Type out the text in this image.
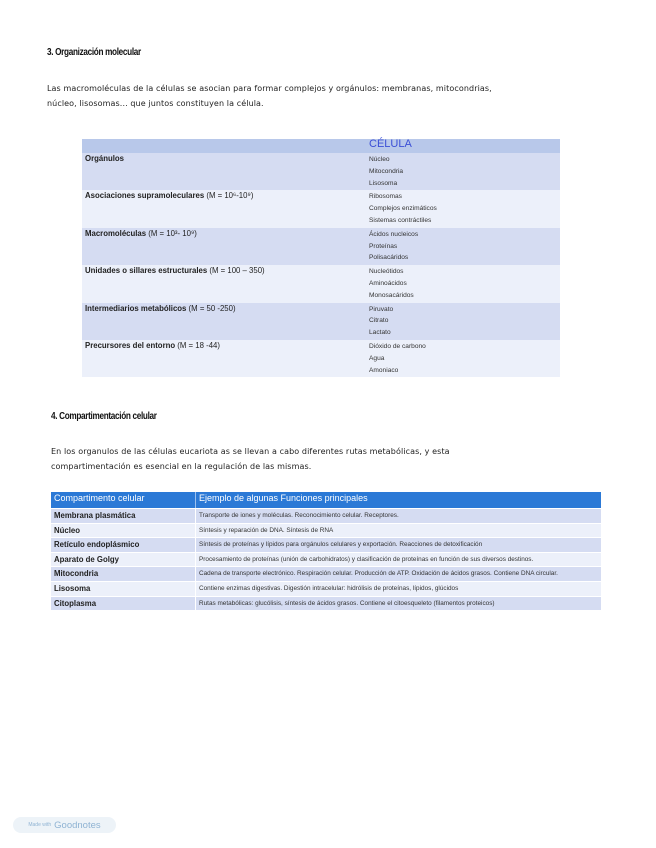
3. Organización molecular

Las macromoléculas de la células se asocian para formar complejos y orgánulos: membranas, mitocondrias,

núcleo, lisosomas... que juntos constituyen la célula.

	CÉLULA
Orgánulos	Núcleo
Mitocondria
Lisosoma

Asociaciones supramoleculares (M = 10⁶-10⁹)	Ribosomas
Complejos enzimáticos
Sistemas contráctiles

Macromoléculas (M = 10³- 10⁹)	Ácidos nucleicos
Proteínas
Polisacáridos

Unidades o sillares estructurales (M = 100 – 350)	Nucleótidos
Aminoácidos
Monosacáridos

Intermediarios metabólicos (M = 50 -250)	Piruvato
Citrato
Lactato

Precursores del entorno (M = 18 -44)	Dióxido de carbono
Agua
Amoniaco
4. Compartimentación celular

En los organulos de las células eucariota as se llevan a cabo diferentes rutas metabólicas, y esta

compartimentación es esencial en la regulación de las mismas.

Compartimento celular	Ejemplo de algunas Funciones principales
Membrana plasmática	Transporte de iones y moléculas. Reconocimiento celular. Receptores.
Núcleo	Síntesis y reparación de DNA. Síntesis de RNA
Retículo endoplásmico	Síntesis de proteínas y lípidos para orgánulos celulares y exportación. Reacciones de detoxificación
Aparato de Golgy	Procesamiento de proteínas (unión de carbohidratos) y clasificación de proteínas en función de sus diversos destinos.
Mitocondria	Cadena de transporte electrónico. Respiración celular. Producción de ATP. Oxidación de ácidos grasos. Contiene DNA circular.
Lisosoma	Contiene enzimas digestivas. Digestión intracelular: hidrólisis de proteínas, lípidos, glúcidos
Citoplasma	Rutas metabólicas: glucólisis, síntesis de ácidos grasos. Contiene el citoesqueleto (filamentos proteicos)
Made with Goodnotes
